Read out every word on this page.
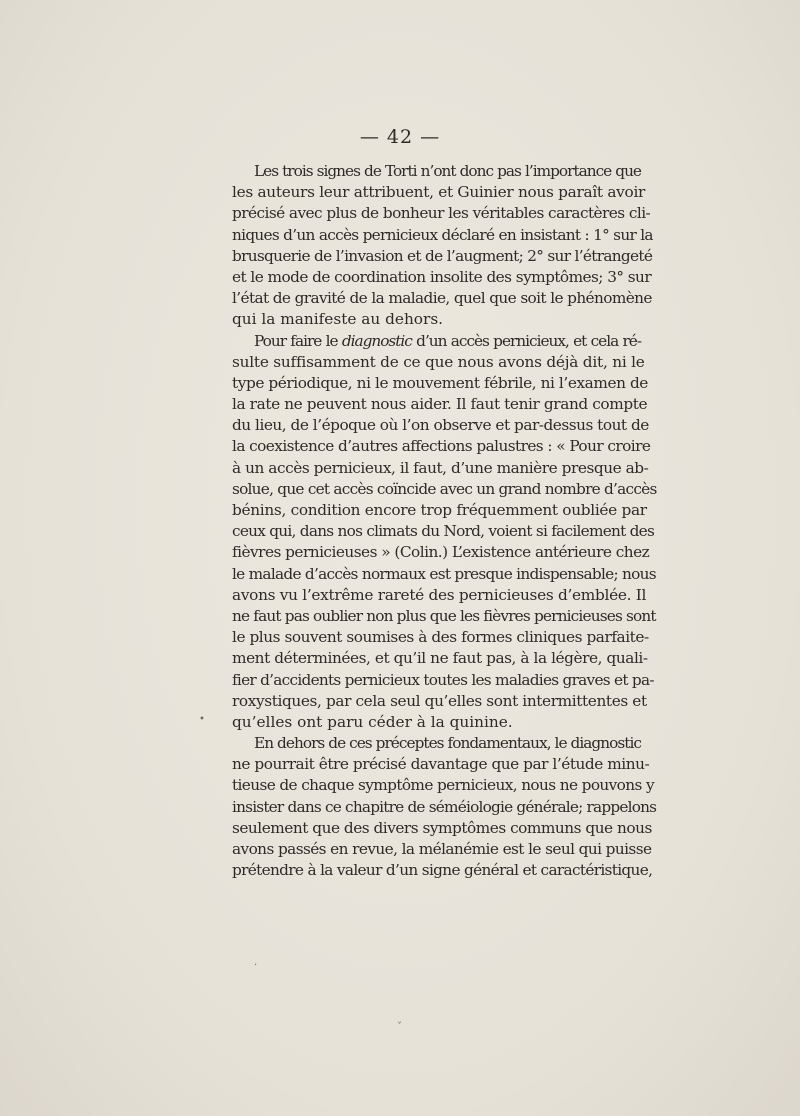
— 42 —
Les trois signes de Torti n’ont donc pas l’importance que
les auteurs leur attribuent, et Guinier nous paraît avoir
précisé avec plus de bonheur les véritables caractères cli-
niques d’un accès pernicieux déclaré en insistant : 1° sur la
brusquerie de l’invasion et de l’augment; 2° sur l’étrangeté
et le mode de coordination insolite des symptômes; 3° sur
l’état de gravité de la maladie, quel que soit le phénomène
qui la manifeste au dehors.
Pour faire le diagnostic d’un accès pernicieux, et cela ré-
sulte suffisamment de ce que nous avons déjà dit, ni le
type périodique, ni le mouvement fébrile, ni l’examen de
la rate ne peuvent nous aider. Il faut tenir grand compte
du lieu, de l’époque où l’on observe et par-dessus tout de
la coexistence d’autres affections palustres : « Pour croire
à un accès pernicieux, il faut, d’une manière presque ab-
solue, que cet accès coïncide avec un grand nombre d’accès
bénins, condition encore trop fréquemment oubliée par
ceux qui, dans nos climats du Nord, voient si facilement des
fièvres pernicieuses » (Colin.) L’existence antérieure chez
le malade d’accès normaux est presque indispensable; nous
avons vu l’extrême rareté des pernicieuses d’emblée. Il
ne faut pas oublier non plus que les fièvres pernicieuses sont
le plus souvent soumises à des formes cliniques parfaite-
ment déterminées, et qu’il ne faut pas, à la légère, quali-
fier d’accidents pernicieux toutes les maladies graves et pa-
roxystiques, par cela seul qu’elles sont intermittentes et
qu’elles ont paru céder à la quinine.
En dehors de ces préceptes fondamentaux, le diagnostic
ne pourrait être précisé davantage que par l’étude minu-
tieuse de chaque symptôme pernicieux, nous ne pouvons y
insister dans ce chapitre de séméiologie générale; rappelons
seulement que des divers symptômes communs que nous
avons passés en revue, la mélanémie est le seul qui puisse
prétendre à la valeur d’un signe général et caractéristique,
•
·
ˇ
